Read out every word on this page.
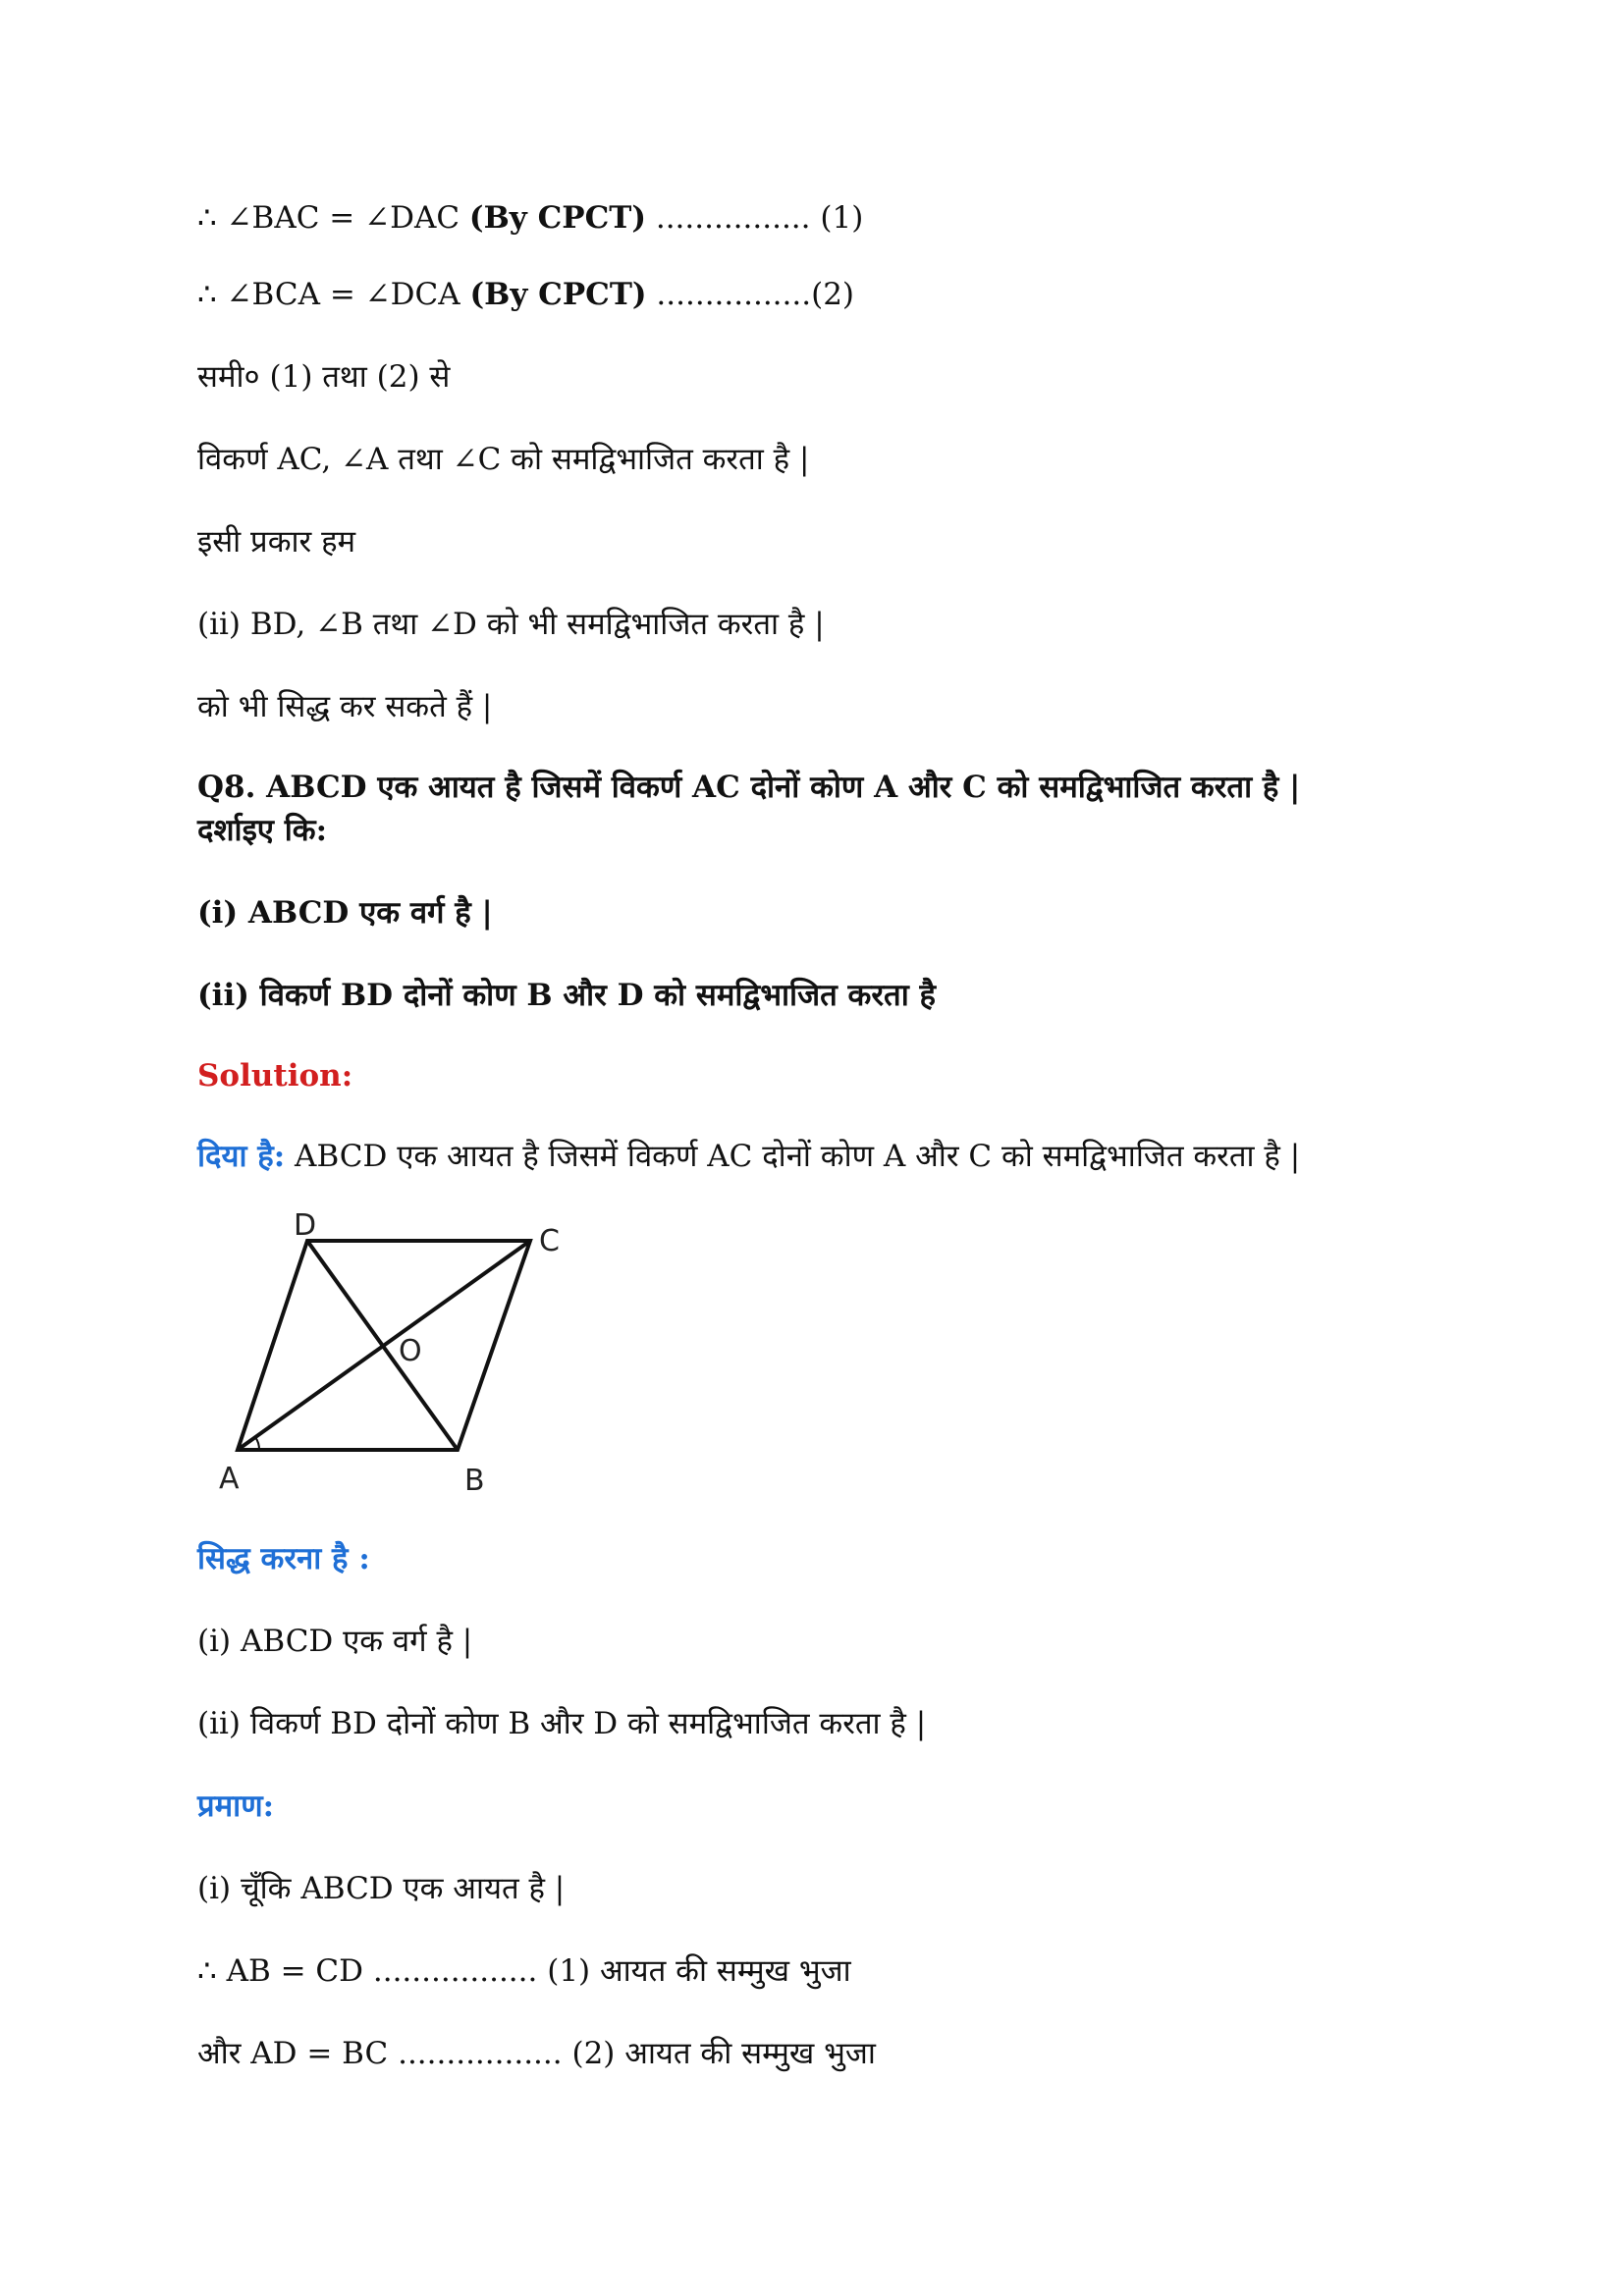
∴ ∠BAC = ∠DAC (By CPCT) ................ (1)
∴ ∠BCA = ∠DCA (By CPCT) ................(2)
समी० (1) तथा (2) से
विकर्ण AC, ∠A तथा ∠C को समद्विभाजित करता है |
इसी प्रकार हम
(ii) BD, ∠B तथा ∠D को भी समद्विभाजित करता है |
को भी सिद्ध कर सकते हैं |
Q8. ABCD एक आयत है जिसमें विकर्ण AC दोनों कोण A और C को समद्विभाजित करता है |
दर्शाइए कि:
(i) ABCD एक वर्ग है |
(ii) विकर्ण BD दोनों कोण B और D को समद्विभाजित करता है
Solution:
दिया है: ABCD एक आयत है जिसमें विकर्ण AC दोनों कोण A और C को समद्विभाजित करता है |
A	B
C
D
O
सिद्ध करना है :
(i) ABCD एक वर्ग है |
(ii) विकर्ण BD दोनों कोण B और D को समद्विभाजित करता है |
प्रमाण:
(i) चूँकि ABCD एक आयत है |
∴ AB = CD ................. (1) आयत की सम्मुख भुजा
और AD = BC ................. (2) आयत की सम्मुख भुजा
